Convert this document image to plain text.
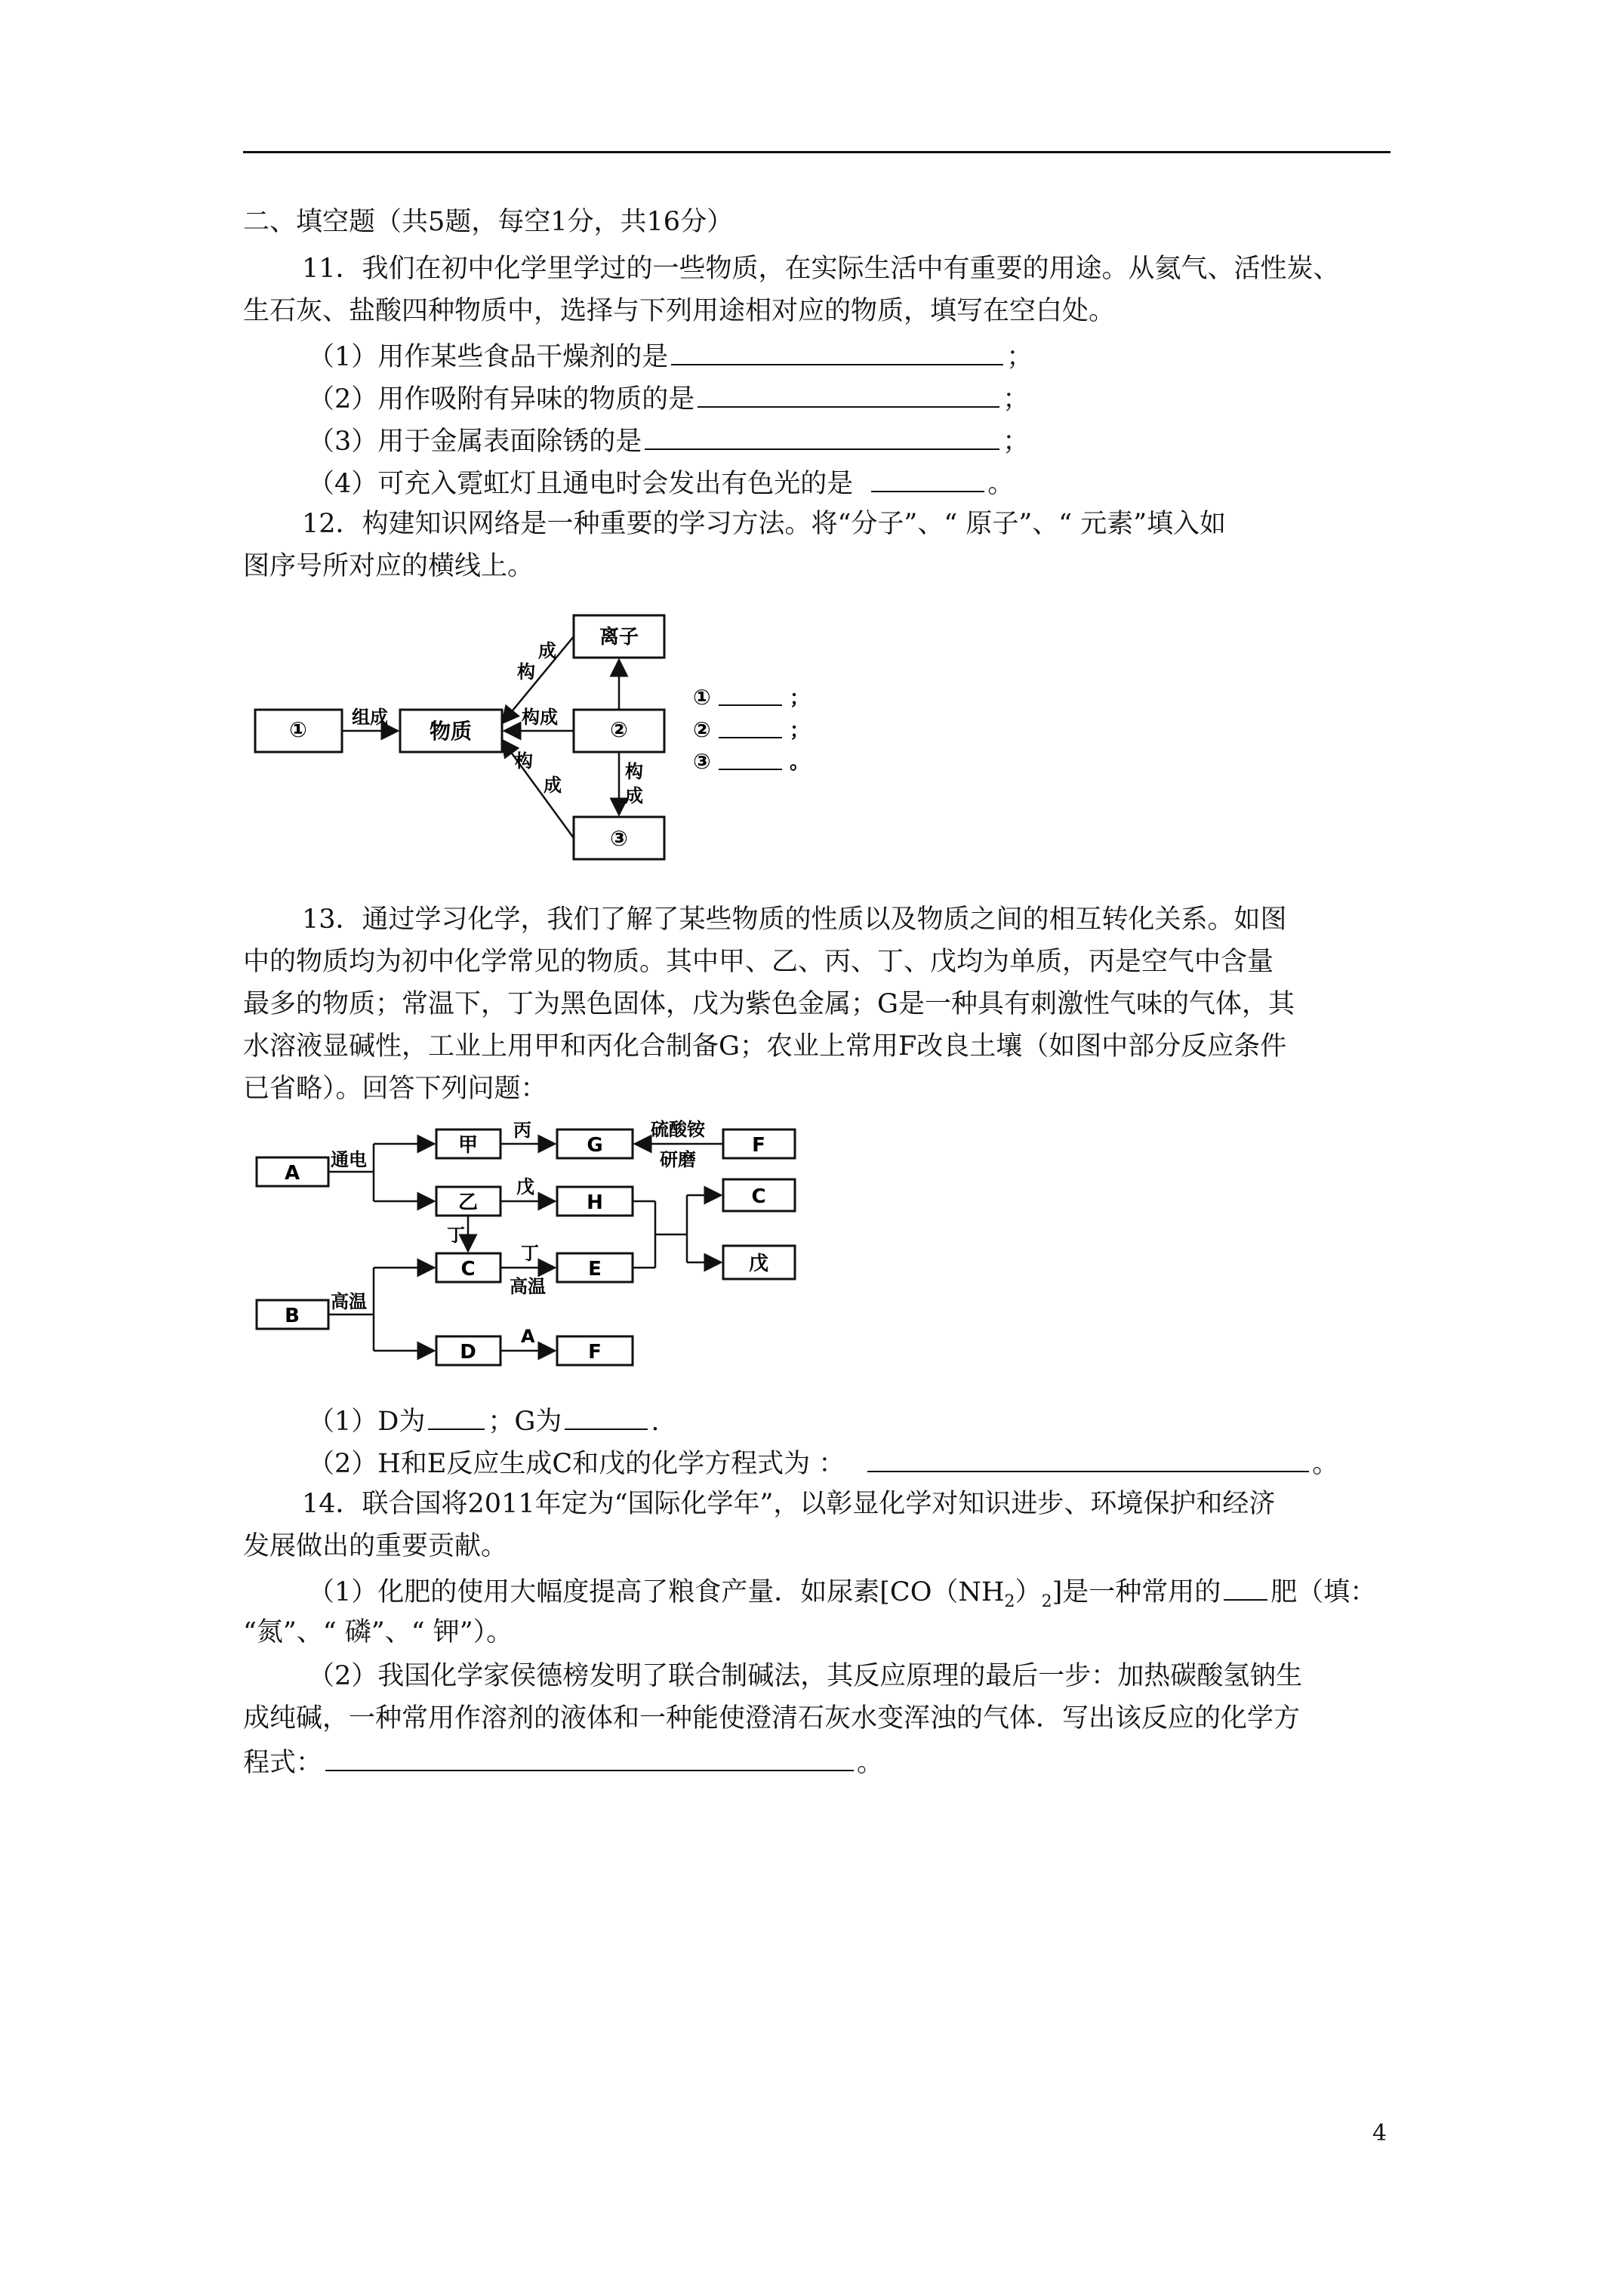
二、填空题（共5题，每空1分，共16分）
11．我们在初中化学里学过的一些物质，在实际生活中有重要的用途。从氦气、活性炭、
生石灰、盐酸四种物质中，选择与下列用途相对应的物质，填写在空白处。
（1）用作某些食品干燥剂的是	；
（2）用作吸附有异味的物质的是	；
（3）用于金属表面除锈的是	；
（4）可充入霓虹灯且通电时会发出有色光的是	。
12．构建知识网络是一种重要的学习方法。将“分子”、“ 原子”、“ 元素”填入如
图序号所对应的横线上。
①	物质	②
离子
③
组成	构成
构
成
构
成
构
成
①	；
②	；
③	。
13．通过学习化学，我们了解了某些物质的性质以及物质之间的相互转化关系。如图
中的物质均为初中化学常见的物质。其中甲、乙、丙、丁、戊均为单质，丙是空气中含量
最多的物质；常温下，丁为黑色固体，戊为紫色金属；G是一种具有刺激性气味的气体，其
水溶液显碱性，工业上用甲和丙化合制备G；农业上常用F改良土壤（如图中部分反应条件
已省略）。回答下列问题：
A
甲	G	F
乙	H	C
C	E	戊
B
D	F
通电
丙	硫酸铵
研磨
戊
丁
丁
高温
高温
A
（1）D为 ；G为	.
（2）H和E反应生成C和戊的化学方程式为 ：	。
14．联合国将2011年定为“国际化学年”，以彰显化学对知识进步、环境保护和经济
发展做出的重要贡献。
（1）化肥的使用大幅度提高了粮食产量．如尿素$[CO(NH_2)_2]$是一种常用的 肥（填：
“氮”、“ 磷”、“ 钾”）。
（2）我国化学家侯德榜发明了联合制碱法，其反应原理的最后一步：加热碳酸氢钠生
成纯碱，一种常用作溶剂的液体和一种能使澄清石灰水变浑浊的气体．写出该反应的化学方
程式：	。
4
